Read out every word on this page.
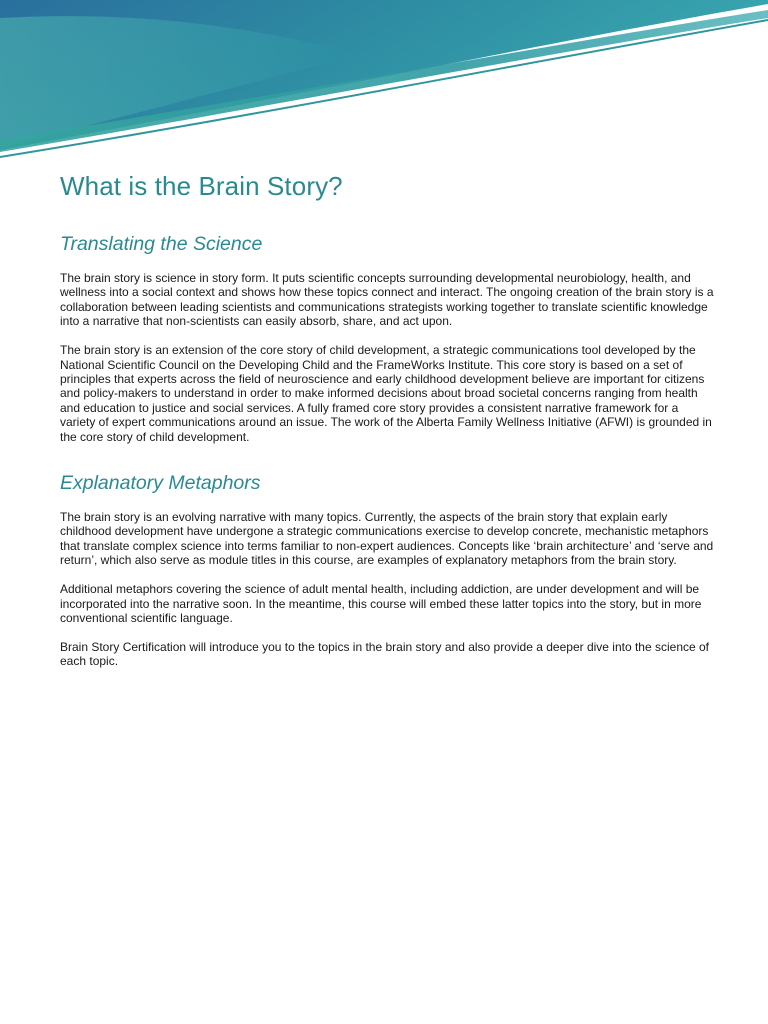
What is the Brain Story?
Translating the Science

The brain story is science in story form. It puts scientific concepts surrounding developmental neurobiology, health, and wellness into a social context and shows how these topics connect and interact. The ongoing creation of the brain story is a collaboration between leading scientists and communications strategists working together to translate scientific knowledge into a narrative that non-scientists can easily absorb, share, and act upon.

The brain story is an extension of the core story of child development, a strategic communications tool developed by the National Scientific Council on the Developing Child and the FrameWorks Institute. This core story is based on a set of principles that experts across the field of neuroscience and early childhood development believe are important for citizens and policy-makers to understand in order to make informed decisions about broad societal concerns ranging from health and education to justice and social services. A fully framed core story provides a consistent narrative framework for a variety of expert communications around an issue. The work of the Alberta Family Wellness Initiative (AFWI) is grounded in the core story of child development.

Explanatory Metaphors

The brain story is an evolving narrative with many topics. Currently, the aspects of the brain story that explain early childhood development have undergone a strategic communications exercise to develop concrete, mechanistic metaphors that translate complex science into terms familiar to non-expert audiences. Concepts like ‘brain architecture’ and ‘serve and return’, which also serve as module titles in this course, are examples of explanatory metaphors from the brain story.

Additional metaphors covering the science of adult mental health, including addiction, are under development and will be incorporated into the narrative soon. In the meantime, this course will embed these latter topics into the story, but in more conventional scientific language.

Brain Story Certification will introduce you to the topics in the brain story and also provide a deeper dive into the science of each topic.
